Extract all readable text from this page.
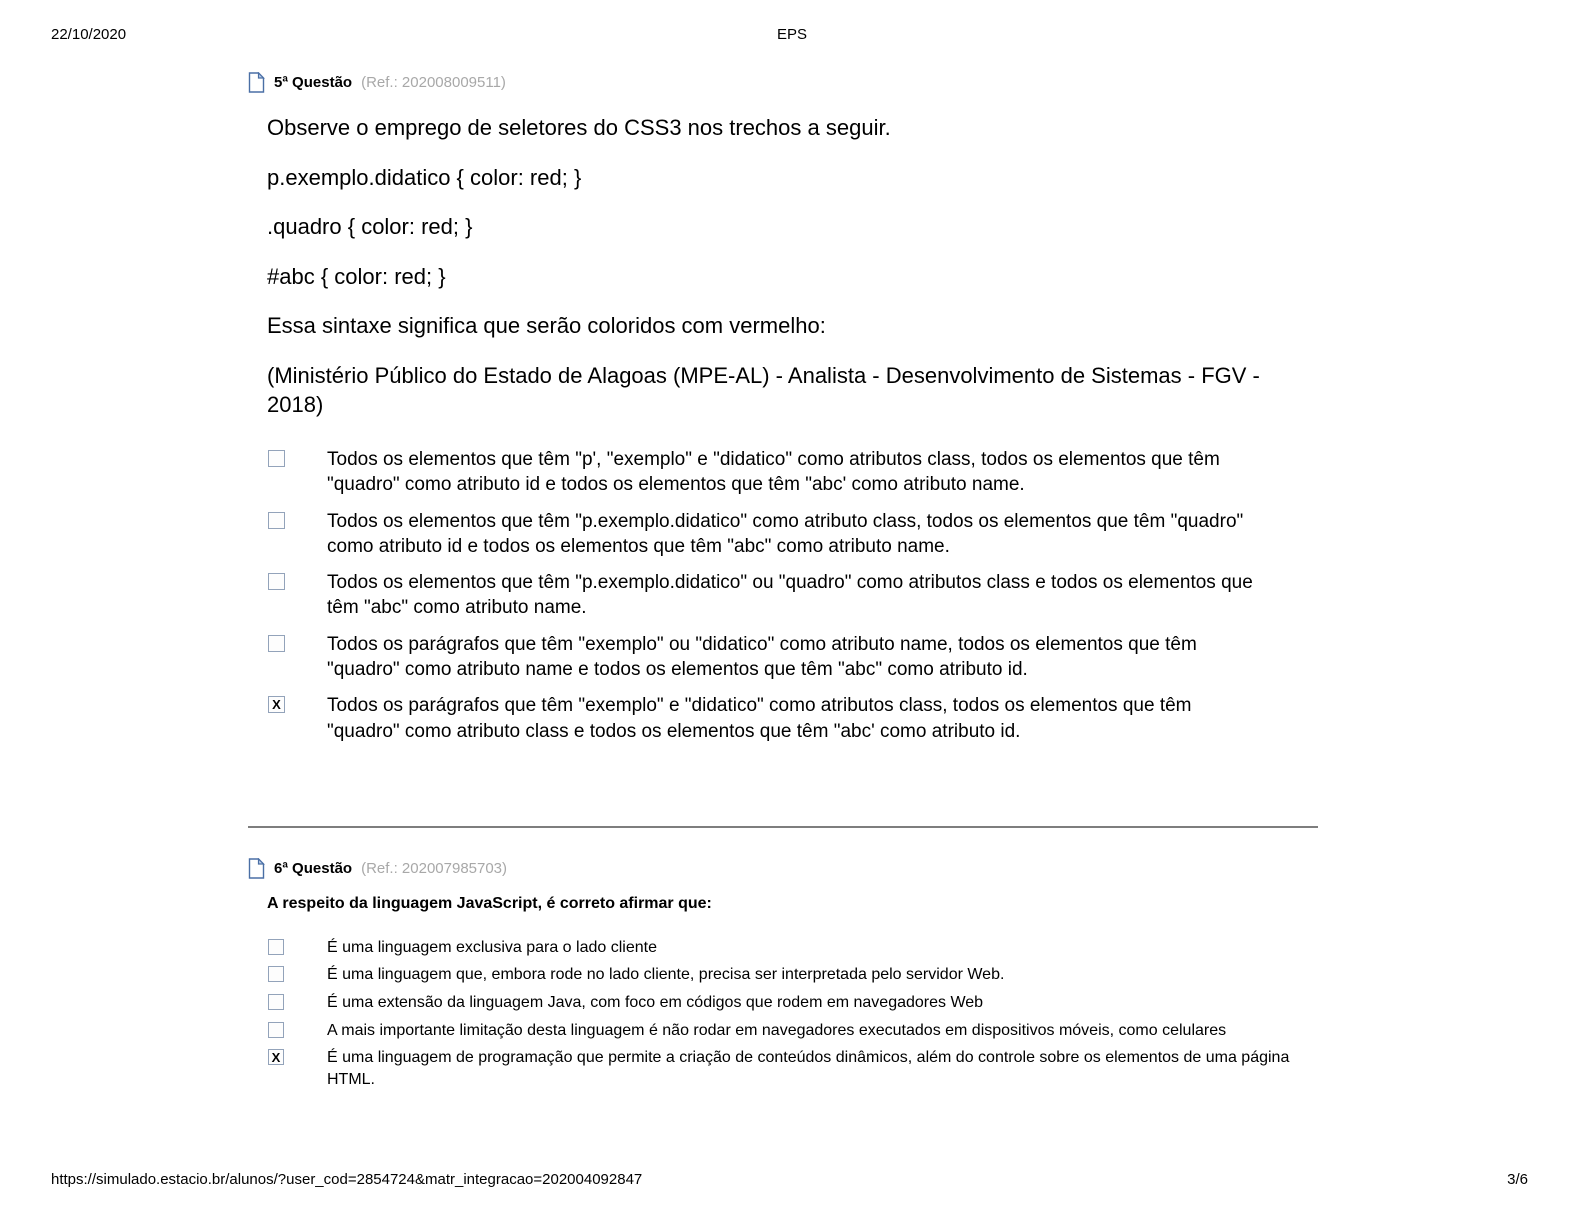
22/10/2020	EPS
5ª Questão (Ref.: 202008009511)

Observe o emprego de seletores do CSS3 nos trechos a seguir.

p.exemplo.didatico { color: red; }

.quadro { color: red; }

#abc { color: red; }

Essa sintaxe significa que serão coloridos com vermelho:

(Ministério Público do Estado de Alagoas (MPE-AL) - Analista - Desenvolvimento de Sistemas - FGV - 2018)

Todos os elementos que têm "p', "exemplo" e "didatico" como atributos class, todos os elementos que têm "quadro" como atributo id e todos os elementos que têm "abc' como atributo name.
Todos os elementos que têm "p.exemplo.didatico" como atributo class, todos os elementos que têm "quadro" como atributo id e todos os elementos que têm "abc" como atributo name.
Todos os elementos que têm "p.exemplo.didatico" ou "quadro" como atributos class e todos os elementos que têm "abc" como atributo name.
Todos os parágrafos que têm "exemplo" ou "didatico" como atributo name, todos os elementos que têm "quadro" como atributo name e todos os elementos que têm "abc" como atributo id.
X Todos os parágrafos que têm "exemplo" e "didatico" como atributos class, todos os elementos que têm "quadro" como atributo class e todos os elementos que têm "abc' como atributo id.
6ª Questão (Ref.: 202007985703)
A respeito da linguagem JavaScript, é correto afirmar que:
É uma linguagem exclusiva para o lado cliente
É uma linguagem que, embora rode no lado cliente, precisa ser interpretada pelo servidor Web.
É uma extensão da linguagem Java, com foco em códigos que rodem em navegadores Web
A mais importante limitação desta linguagem é não rodar em navegadores executados em dispositivos móveis, como celulares
X	É uma linguagem de programação que permite a criação de conteúdos dinâmicos, além do controle sobre os elementos de uma página HTML.
https://simulado.estacio.br/alunos/?user_cod=2854724&matr_integracao=202004092847	3/6
